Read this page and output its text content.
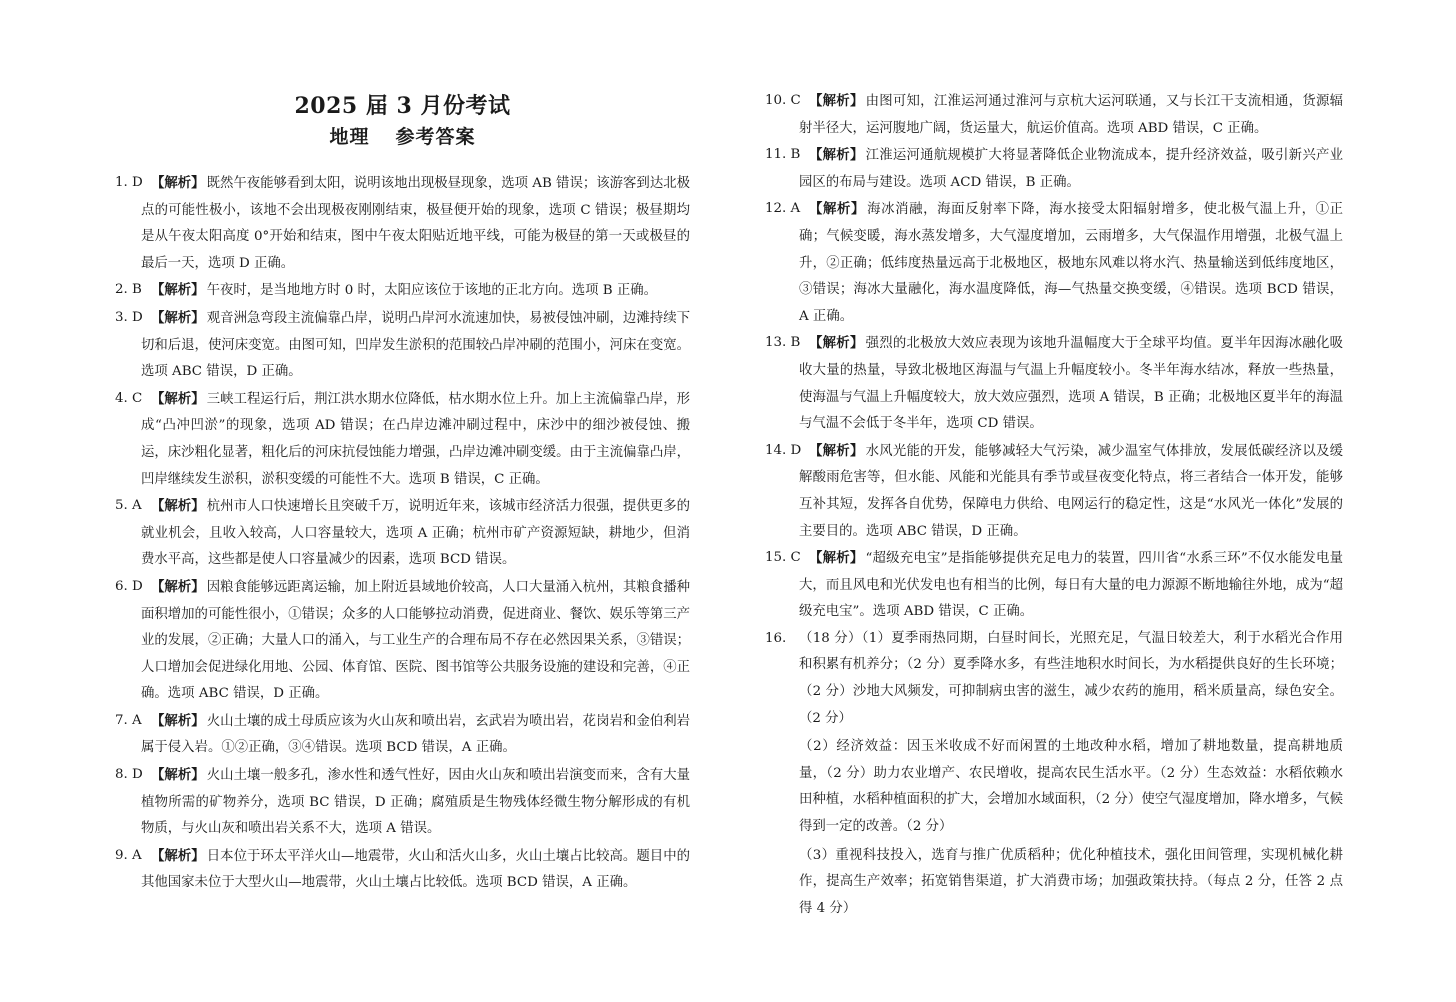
2025 届 3 月份考试
地理 参考答案
1. D 【解析】 既然午夜能够看到太阳，说明该地出现极昼现象，选项 AB 错误；该游客到达北极点的可能性极小，该地不会出现极夜刚刚结束，极昼便开始的现象，选项 C 错误；极昼期均是从午夜太阳高度 0°开始和结束，图中午夜太阳贴近地平线，可能为极昼的第一天或极昼的最后一天，选项 D 正确。
2. B 【解析】 午夜时，是当地地方时 0 时，太阳应该位于该地的正北方向。选项 B 正确。
3. D 【解析】 观音洲急弯段主流偏靠凸岸，说明凸岸河水流速加快，易被侵蚀冲刷，边滩持续下切和后退，使河床变宽。由图可知，凹岸发生淤积的范围较凸岸冲刷的范围小，河床在变宽。选项 ABC 错误，D 正确。
4. C 【解析】 三峡工程运行后，荆江洪水期水位降低，枯水期水位上升。加上主流偏靠凸岸，形成“凸冲凹淤”的现象，选项 AD 错误；在凸岸边滩冲刷过程中，床沙中的细沙被侵蚀、搬运，床沙粗化显著，粗化后的河床抗侵蚀能力增强，凸岸边滩冲刷变缓。由于主流偏靠凸岸，凹岸继续发生淤积，淤积变缓的可能性不大。选项 B 错误，C 正确。
5. A 【解析】 杭州市人口快速增长且突破千万，说明近年来，该城市经济活力很强，提供更多的就业机会，且收入较高，人口容量较大，选项 A 正确；杭州市矿产资源短缺，耕地少，但消费水平高，这些都是使人口容量减少的因素，选项 BCD 错误。
6. D 【解析】 因粮食能够远距离运输，加上附近县域地价较高，人口大量涌入杭州，其粮食播种面积增加的可能性很小，①错误；众多的人口能够拉动消费，促进商业、餐饮、娱乐等第三产业的发展，②正确；大量人口的涌入，与工业生产的合理布局不存在必然因果关系，③错误；人口增加会促进绿化用地、公园、体育馆、医院、图书馆等公共服务设施的建设和完善，④正确。选项 ABC 错误，D 正确。
7. A 【解析】 火山土壤的成土母质应该为火山灰和喷出岩，玄武岩为喷出岩，花岗岩和金伯利岩属于侵入岩。①②正确，③④错误。选项 BCD 错误，A 正确。
8. D 【解析】 火山土壤一般多孔，渗水性和透气性好，因由火山灰和喷出岩演变而来，含有大量植物所需的矿物养分，选项 BC 错误，D 正确；腐殖质是生物残体经微生物分解形成的有机物质，与火山灰和喷出岩关系不大，选项 A 错误。
9. A 【解析】 日本位于环太平洋火山—地震带，火山和活火山多，火山土壤占比较高。题目中的其他国家未位于大型火山—地震带，火山土壤占比较低。选项 BCD 错误，A 正确。
10. C 【解析】 由图可知，江淮运河通过淮河与京杭大运河联通，又与长江干支流相通，货源辐射半径大，运河腹地广阔，货运量大，航运价值高。选项 ABD 错误，C 正确。
11. B 【解析】 江淮运河通航规模扩大将显著降低企业物流成本，提升经济效益，吸引新兴产业园区的布局与建设。选项 ACD 错误，B 正确。
12. A 【解析】 海冰消融，海面反射率下降，海水接受太阳辐射增多，使北极气温上升，①正确；气候变暖，海水蒸发增多，大气湿度增加，云雨增多，大气保温作用增强，北极气温上升，②正确；低纬度热量远高于北极地区，极地东风难以将水汽、热量输送到低纬度地区，③错误；海冰大量融化，海水温度降低，海—气热量交换变缓，④错误。选项 BCD 错误，A 正确。
13. B 【解析】 强烈的北极放大效应表现为该地升温幅度大于全球平均值。夏半年因海冰融化吸收大量的热量，导致北极地区海温与气温上升幅度较小。冬半年海水结冰，释放一些热量，使海温与气温上升幅度较大，放大效应强烈，选项 A 错误，B 正确；北极地区夏半年的海温与气温不会低于冬半年，选项 CD 错误。
14. D 【解析】 水风光能的开发，能够减轻大气污染，减少温室气体排放，发展低碳经济以及缓解酸雨危害等，但水能、风能和光能具有季节或昼夜变化特点，将三者结合一体开发，能够互补其短，发挥各自优势，保障电力供给、电网运行的稳定性，这是“水风光一体化”发展的主要目的。选项 ABC 错误，D 正确。
15. C 【解析】 “超级充电宝”是指能够提供充足电力的装置，四川省“水系三环”不仅水能发电量大，而且风电和光伏发电也有相当的比例，每日有大量的电力源源不断地输往外地，成为“超级充电宝”。选项 ABD 错误，C 正确。
16. （18 分）（1）夏季雨热同期，白昼时间长，光照充足，气温日较差大，利于水稻光合作用和积累有机养分；（2 分）夏季降水多，有些洼地积水时间长，为水稻提供良好的生长环境；（2 分）沙地大风频发，可抑制病虫害的滋生，减少农药的施用，稻米质量高，绿色安全。（2 分）
（2）经济效益：因玉米收成不好而闲置的土地改种水稻，增加了耕地数量，提高耕地质量，（2 分）助力农业增产、农民增收，提高农民生活水平。（2 分）生态效益：水稻依赖水田种植，水稻种植面积的扩大，会增加水域面积，（2 分）使空气湿度增加，降水增多，气候得到一定的改善。（2 分）
（3）重视科技投入，选育与推广优质稻种；优化种植技术，强化田间管理，实现机械化耕作，提高生产效率；拓宽销售渠道，扩大消费市场；加强政策扶持。（每点 2 分，任答 2 点得 4 分）
